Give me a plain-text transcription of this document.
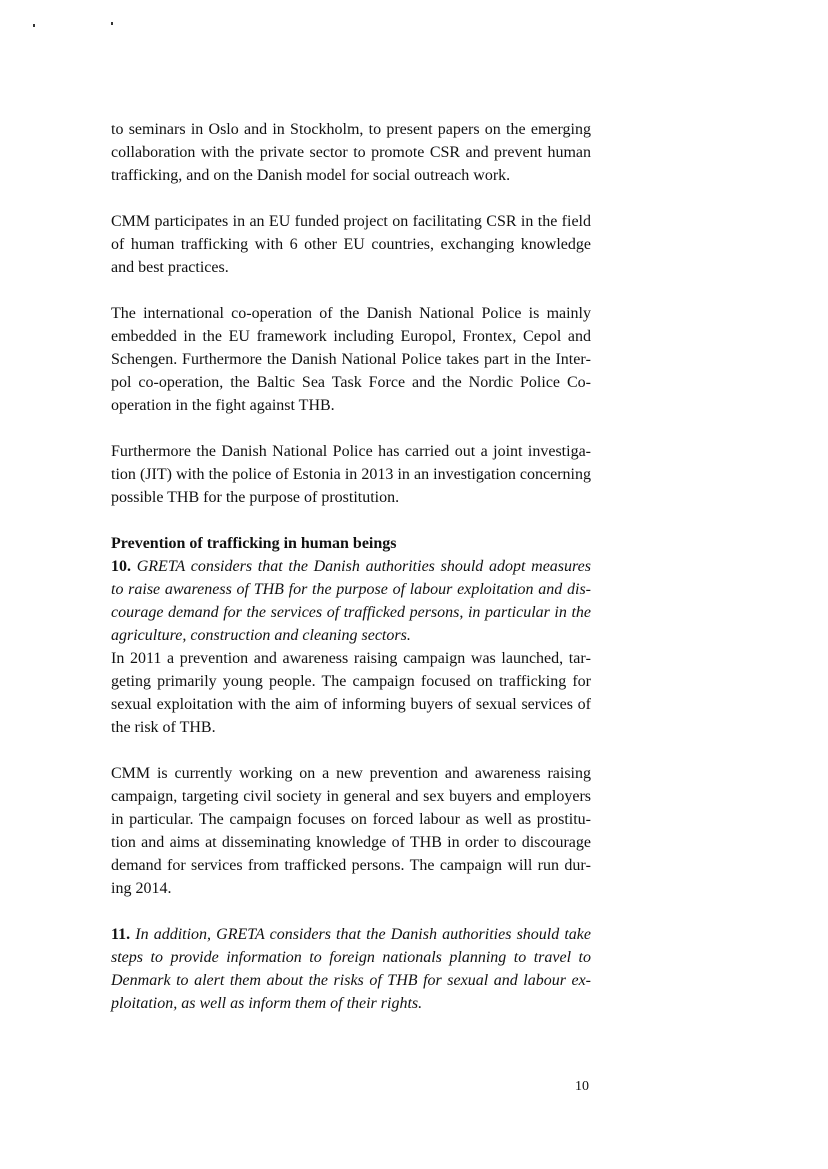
to seminars in Oslo and in Stockholm, to present papers on the emerging collaboration with the private sector to promote CSR and prevent human trafficking, and on the Danish model for social outreach work.

CMM participates in an EU funded project on facilitating CSR in the field of human trafficking with 6 other EU countries, exchanging knowledge and best practices.

The international co-operation of the Danish National Police is mainly embedded in the EU framework including Europol, Frontex, Cepol and Schengen. Furthermore the Danish National Police takes part in the Interpol co-operation, the Baltic Sea Task Force and the Nordic Police Cooperation in the fight against THB.

Furthermore the Danish National Police has carried out a joint investigation (JIT) with the police of Estonia in 2013 in an investigation concerning possible THB for the purpose of prostitution.

Prevention of trafficking in human beings

10. GRETA considers that the Danish authorities should adopt measures to raise awareness of THB for the purpose of labour exploitation and discourage demand for the services of trafficked persons, in particular in the agriculture, construction and cleaning sectors.

In 2011 a prevention and awareness raising campaign was launched, targeting primarily young people. The campaign focused on trafficking for sexual exploitation with the aim of informing buyers of sexual services of the risk of THB.

CMM is currently working on a new prevention and awareness raising campaign, targeting civil society in general and sex buyers and employers in particular. The campaign focuses on forced labour as well as prostitution and aims at disseminating knowledge of THB in order to discourage demand for services from trafficked persons. The campaign will run during 2014.

11. In addition, GRETA considers that the Danish authorities should take steps to provide information to foreign nationals planning to travel to Denmark to alert them about the risks of THB for sexual and labour exploitation, as well as inform them of their rights.

10
